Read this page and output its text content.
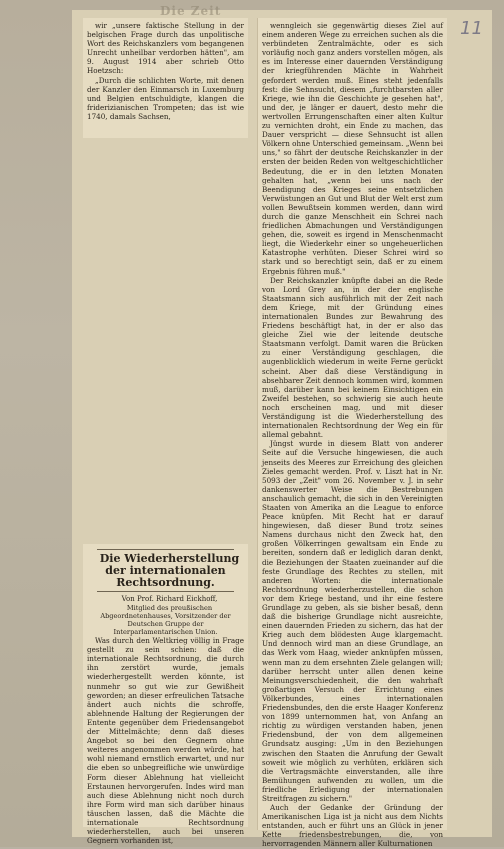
Die Zeit
11

wir „unsere faktische Stellung in der belgischen Frage durch das unpolitische Wort des Reichskanzlers vom begangenen Unrecht unheilbar verdorben hätten", am 9. August 1914 aber schrieb Otto Hoetzsch:

„Durch die schlichten Worte, mit denen der Kanzler den Einmarsch in Luxemburg und Belgien entschuldigte, klangen die friderizianischen Trompeten; das ist wie 1740, damals Sachsen,

wenngleich sie gegenwärtig dieses Ziel auf einem anderen Wege zu erreichen suchen als die verbündeten Zentralmächte, oder es sich vorläufig noch ganz anders vorstellen mögen, als es im Interesse einer dauernden Verständigung der kriegführenden Mächte in Wahrheit gefordert werden muß. Eines steht jedenfalls fest: die Sehnsucht, diesem „furchtbarsten aller Kriege, wie ihn die Geschichte je gesehen hat", und der, je länger er dauert, desto mehr die wertvollen Errungenschaften einer alten Kultur zu vernichten droht, ein Ende zu machen, das Dauer verspricht — diese Sehnsucht ist allen Völkern ohne Unterschied gemeinsam. „Wenn bei uns," so fährt der deutsche Reichskanzler in der ersten der beiden Reden von weltgeschichtlicher Bedeutung, die er in den letzten Monaten gehalten hat, „wenn bei uns nach der Beendigung des Krieges seine entsetzlichen Verwüstungen an Gut und Blut der Welt erst zum vollen Bewußtsein kommen werden, dann wird durch die ganze Menschheit ein Schrei nach friedlichen Abmachungen und Verständigungen gehen, die, soweit es irgend in Menschenmacht liegt, die Wiederkehr einer so ungeheuerlichen Katastrophe verhüten. Dieser Schrei wird so stark und so berechtigt sein, daß er zu einem Ergebnis führen muß."

Der Reichskanzler knüpfte dabei an die Rede von Lord Grey an, in der der englische Staatsmann sich ausführlich mit der Zeit nach dem Kriege, mit der Gründung eines internationalen Bundes zur Bewahrung des Friedens beschäftigt hat, in der er also das gleiche Ziel wie der leitende deutsche Staatsmann verfolgt. Damit waren die Brücken zu einer Verständigung geschlagen, die augenblicklich wiederum in weite Ferne gerückt scheint. Aber daß diese Verständigung in absehbarer Zeit dennoch kommen wird, kommen muß, darüber kann bei keinem Einsichtigen ein Zweifel bestehen, so schwierig sie auch heute noch erscheinen mag, und mit dieser Verständigung ist die Wiederherstellung des internationalen Rechtsordnung der Weg ein für allemal gebahnt.

Jüngst wurde in diesem Blatt von anderer Seite auf die Versuche hingewiesen, die auch jenseits des Meeres zur Erreichung des gleichen Zieles gemacht werden. Prof. v. Liszt hat in Nr. 5093 der „Zeit" vom 26. November v. J. in sehr dankenswerter Weise die Bestrebungen anschaulich gemacht, die sich in den Vereinigten Staaten von Amerika an die League to enforce Peace knüpfen. Mit Recht hat er darauf hingewiesen, daß dieser Bund trotz seines Namens durchaus nicht den Zweck hat, den großen Völkerringen gewaltsam ein Ende zu bereiten, sondern daß er lediglich daran denkt, die Beziehungen der Staaten zueinander auf die feste Grundlage des Rechtes zu stellen, mit anderen Worten: die internationale Rechtsordnung wiederherzustellen, die schon vor dem Kriege bestand, und ihr eine festere Grundlage zu geben, als sie bisher besaß, denn daß die bisherige Grundlage nicht ausreichte, einen dauernden Frieden zu sichern, das hat der Krieg auch dem blödesten Auge klargemacht. Und dennoch wird man an diese Grundlage, an das Werk vom Haag, wieder anknüpfen müssen, wenn man zu dem ersehnten Ziele gelangen will; darüber herrscht unter allen denen keine Meinungsverschiedenheit, die den wahrhaft großartigen Versuch der Errichtung eines Völkerbundes, eines internationalen Friedensbundes, den die erste Haager Konferenz von 1899 unternommen hat, von Anfang an richtig zu würdigen verstanden haben, jenen Friedensbund, der von dem allgemeinen Grundsatz ausging: „Um in den Beziehungen zwischen den Staaten die Anrufung der Gewalt soweit wie möglich zu verhüten, erklären sich die Vertragsmächte einverstanden, alle ihre Bemühungen aufwenden zu wollen, um die friedliche Erledigung der internationalen Streitfragen zu sichern."

Auch der Gedanke der Gründung der Amerikanischen Liga ist ja nicht aus dem Nichts entstanden, auch er führt uns an Glück in jener Kette friedensbestrebungen, die, von hervorragenden Männern aller Kulturnationen

Die Wiederherstellung der internationalen Rechtsordnung.

Von Prof. Richard Eickhoff,

Mitglied des preußischen Abgeordnetenhauses, Vorsitzender der Deutschen Gruppe der Interparlamentarischen Union.

Was durch den Weltkrieg völlig in Frage gestellt zu sein schien: daß die internationale Rechtsordnung, die durch ihn zerstört wurde, jemals wiederhergestellt werden könnte, ist nunmehr so gut wie zur Gewißheit geworden; an dieser erfreulichen Tatsache ändert auch nichts die schroffe, ablehnende Haltung der Regierungen der Entente gegenüber dem Friedensangebot der Mittelmächte; denn daß dieses Angebot so bei den Gegnern ohne weiteres angenommen werden würde, hat wohl niemand ernstlich erwartet, und nur die eben so unbegreifliche wie unwürdige Form dieser Ablehnung hat vielleicht Erstaunen hervorgerufen. Indes wird man auch diese Ablehnung nicht noch durch ihre Form wird man sich darüber hinaus täuschen lassen, daß die Mächte die internationale Rechtsordnung wiederherstellen, auch bei unseren Gegnern vorhanden ist,
